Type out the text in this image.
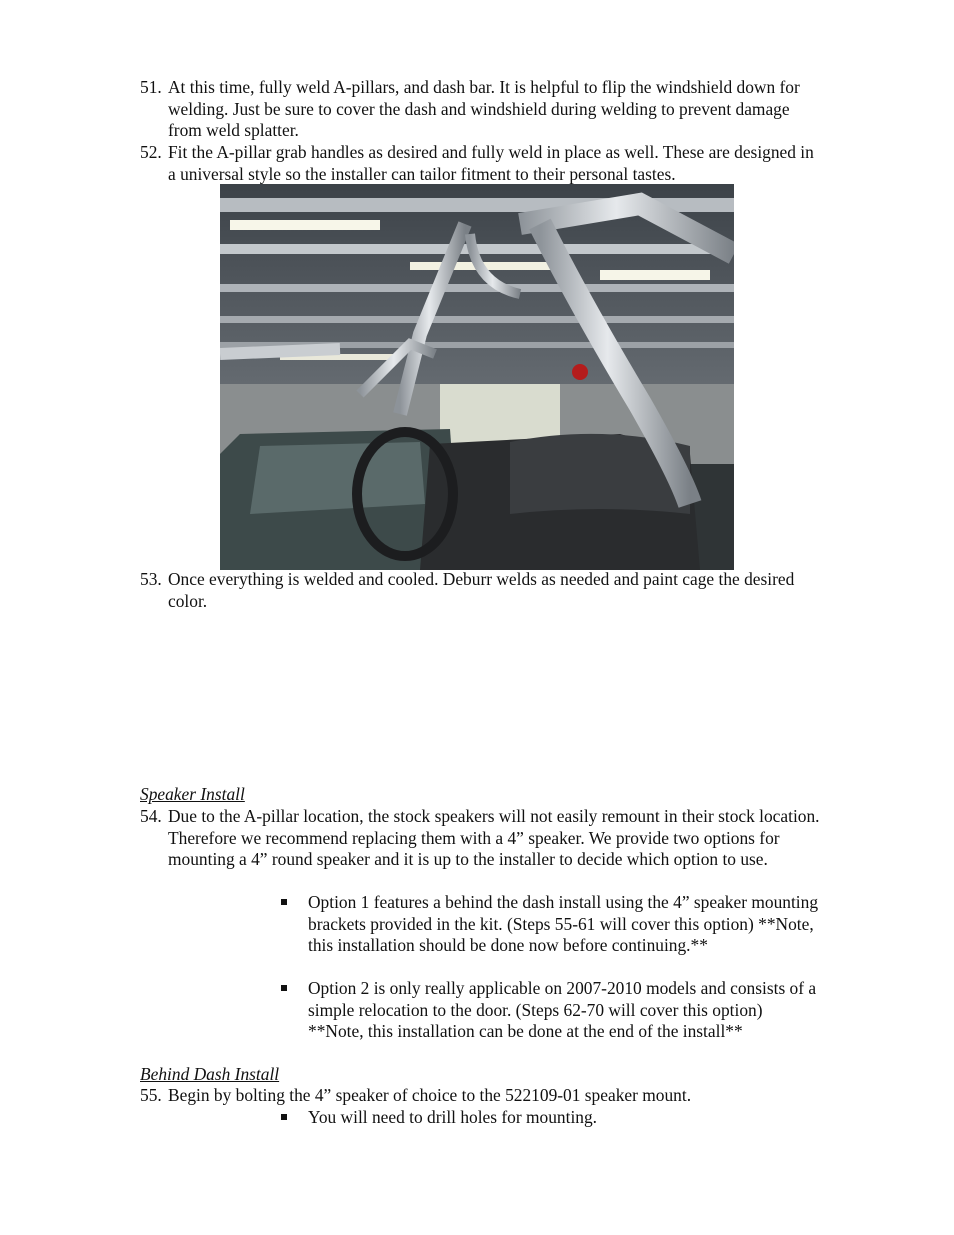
51. At this time, fully weld A-pillars, and dash bar. It is helpful to flip the windshield down for welding. Just be sure to cover the dash and windshield during welding to prevent damage from weld splatter.
52. Fit the A-pillar grab handles as desired and fully weld in place as well. These are designed in a universal style so the installer can tailor fitment to their personal tastes.
53. Once everything is welded and cooled. Deburr welds as needed and paint cage the desired color.
Speaker Install
54. Due to the A-pillar location, the stock speakers will not easily remount in their stock location. Therefore we recommend replacing them with a 4” speaker. We provide two options for mounting a 4” round speaker and it is up to the installer to decide which option to use.
Option 1 features a behind the dash install using the 4” speaker mounting brackets provided in the kit. (Steps 55-61 will cover this option) **Note, this installation should be done now before continuing.**
Option 2 is only really applicable on 2007-2010 models and consists of a simple relocation to the door. (Steps 62-70 will cover this option) **Note, this installation can be done at the end of the install**
Behind Dash Install
55. Begin by bolting the 4” speaker of choice to the 522109-01 speaker mount.
You will need to drill holes for mounting.
